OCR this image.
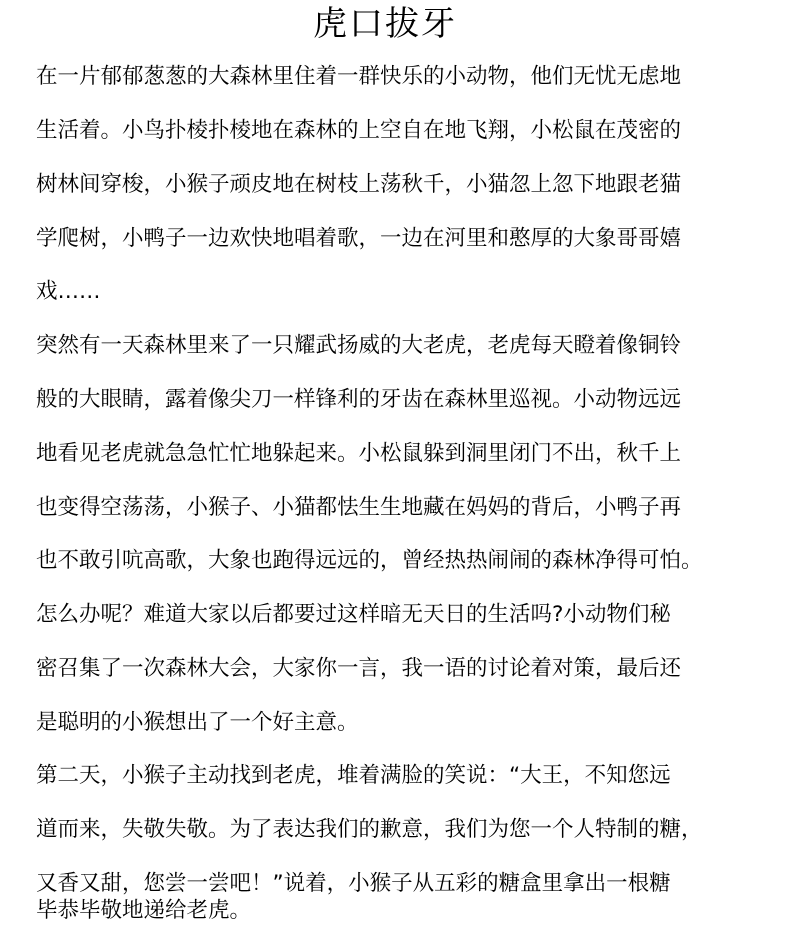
虎口拔牙
在一片郁郁葱葱的大森林里住着一群快乐的小动物，他们无忧无虑地
生活着。小鸟扑棱扑棱地在森林的上空自在地飞翔，小松鼠在茂密的
树林间穿梭，小猴子顽皮地在树枝上荡秋千，小猫忽上忽下地跟老猫
学爬树，小鸭子一边欢快地唱着歌，一边在河里和憨厚的大象哥哥嬉
戏……
突然有一天森林里来了一只耀武扬威的大老虎，老虎每天瞪着像铜铃
般的大眼睛，露着像尖刀一样锋利的牙齿在森林里巡视。小动物远远
地看见老虎就急急忙忙地躲起来。小松鼠躲到洞里闭门不出，秋千上
也变得空荡荡，小猴子、小猫都怯生生地藏在妈妈的背后，小鸭子再
也不敢引吭高歌，大象也跑得远远的，曾经热热闹闹的森林净得可怕。
怎么办呢？难道大家以后都要过这样暗无天日的生活吗?小动物们秘
密召集了一次森林大会，大家你一言，我一语的讨论着对策，最后还
是聪明的小猴想出了一个好主意。
第二天，小猴子主动找到老虎，堆着满脸的笑说：“大王，不知您远
道而来，失敬失敬。为了表达我们的歉意，我们为您一个人特制的糖，
又香又甜，您尝一尝吧！”说着，小猴子从五彩的糖盒里拿出一根糖
毕恭毕敬地递给老虎。
